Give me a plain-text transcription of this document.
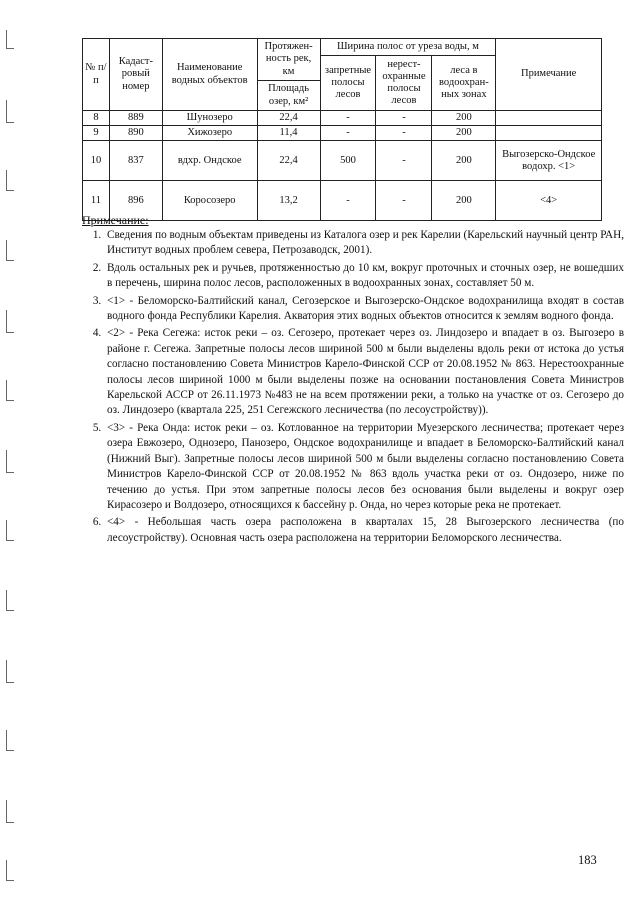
№ п/п	Кадаст-ровый номер	Наименование водных объектов	Протяжен-ность рек, км	Ширина полос от уреза воды, м			Примечание
				запретные полосы лесов	нерест-охранные полосы лесов	леса в водоохран-ных зонах	
			Площадь озер, км²				
8	889	Шунозеро	22,4	-	-	200	
9	890	Хижозеро	11,4	-	-	200	
10	837	вдхр. Ондское	22,4	500	-	200	Выгозерско-Ондское водохр. <1>
11	896	Коросозеро	13,2	-	-	200	<4>
Примечание:
1. Сведения по водным объектам приведены из Каталога озер и рек Карелии (Карельский научный центр РАН, Институт водных проблем севера, Петрозаводск, 2001).
2. Вдоль остальных рек и ручьев, протяженностью до 10 км, вокруг проточных и сточных озер, не вошедших в перечень, ширина полос лесов, расположенных в водоохранных зонах, составляет 50 м.
3. <1> - Беломорско-Балтийский канал, Сегозерское и Выгозерско-Ондское водохранилища входят в состав водного фонда Республики Карелия. Акватория этих водных объектов относится к землям водного фонда.
4. <2> - Река Сегежа: исток реки – оз. Сегозеро, протекает через оз. Линдозеро и впадает в оз. Выгозеро в районе г. Сегежа. Запретные полосы лесов шириной 500 м были выделены вдоль реки от истока до устья согласно постановлению Совета Министров Карело-Финской ССР от 20.08.1952 № 863. Нерестоохранные полосы лесов шириной 1000 м были выделены позже на основании постановления Совета Министров Карельской АССР от 26.11.1973 №483 не на всем протяжении реки, а только на участке от оз. Сегозеро до оз. Линдозеро (квартала 225, 251 Сегежского лесничества (по лесоустройству)).
5. <3> - Река Онда: исток реки – оз. Котлованное на территории Муезерского лесничества; протекает через озера Евжозеро, Однозеро, Панозеро, Ондское водохранилище и впадает в Беломорско-Балтийский канал (Нижний Выг). Запретные полосы лесов шириной 500 м были выделены согласно постановлению Совета Министров Карело-Финской ССР от 20.08.1952 № 863 вдоль участка реки от оз. Ондозеро, ниже по течению до устья. При этом запретные полосы лесов без основания были выделены и вокруг озер Кирасозеро и Волдозеро, относящихся к бассейну р. Онда, но через которые река не протекает.
6. <4> - Небольшая часть озера расположена в кварталах 15, 28 Выгозерского лесничества (по лесоустройству). Основная часть озера расположена на территории Беломорского лесничества.
183
